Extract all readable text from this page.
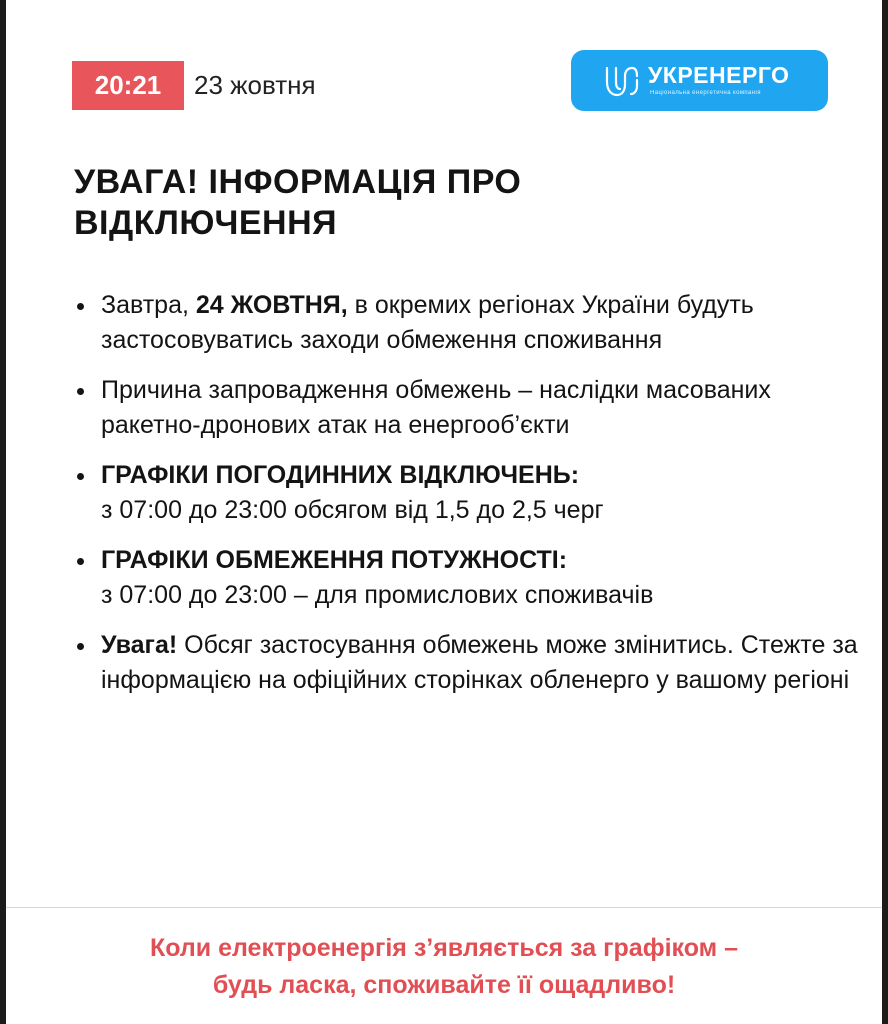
20:21	23 жовтня	УКРЕНЕРГО
Національна енергетична компанія
УВАГА! ІНФОРМАЦІЯ ПРО
ВІДКЛЮЧЕННЯ
Завтра, 24 ЖОВТНЯ, в окремих регіонах України будуть застосовуватись заходи обмеження споживання
Причина запровадження обмежень – наслідки масованих ракетно-дронових атак на енергооб’єкти
ГРАФІКИ ПОГОДИННИХ ВІДКЛЮЧЕНЬ:
з 07:00 до 23:00 обсягом від 1,5 до 2,5 черг
ГРАФІКИ ОБМЕЖЕННЯ ПОТУЖНОСТІ:
з 07:00 до 23:00 – для промислових споживачів
Увага! Обсяг застосування обмежень може змінитись. Стежте за інформацією на офіційних сторінках обленерго у вашому регіоні
Коли електроенергія з’являється за графіком –
будь ласка, споживайте її ощадливо!
